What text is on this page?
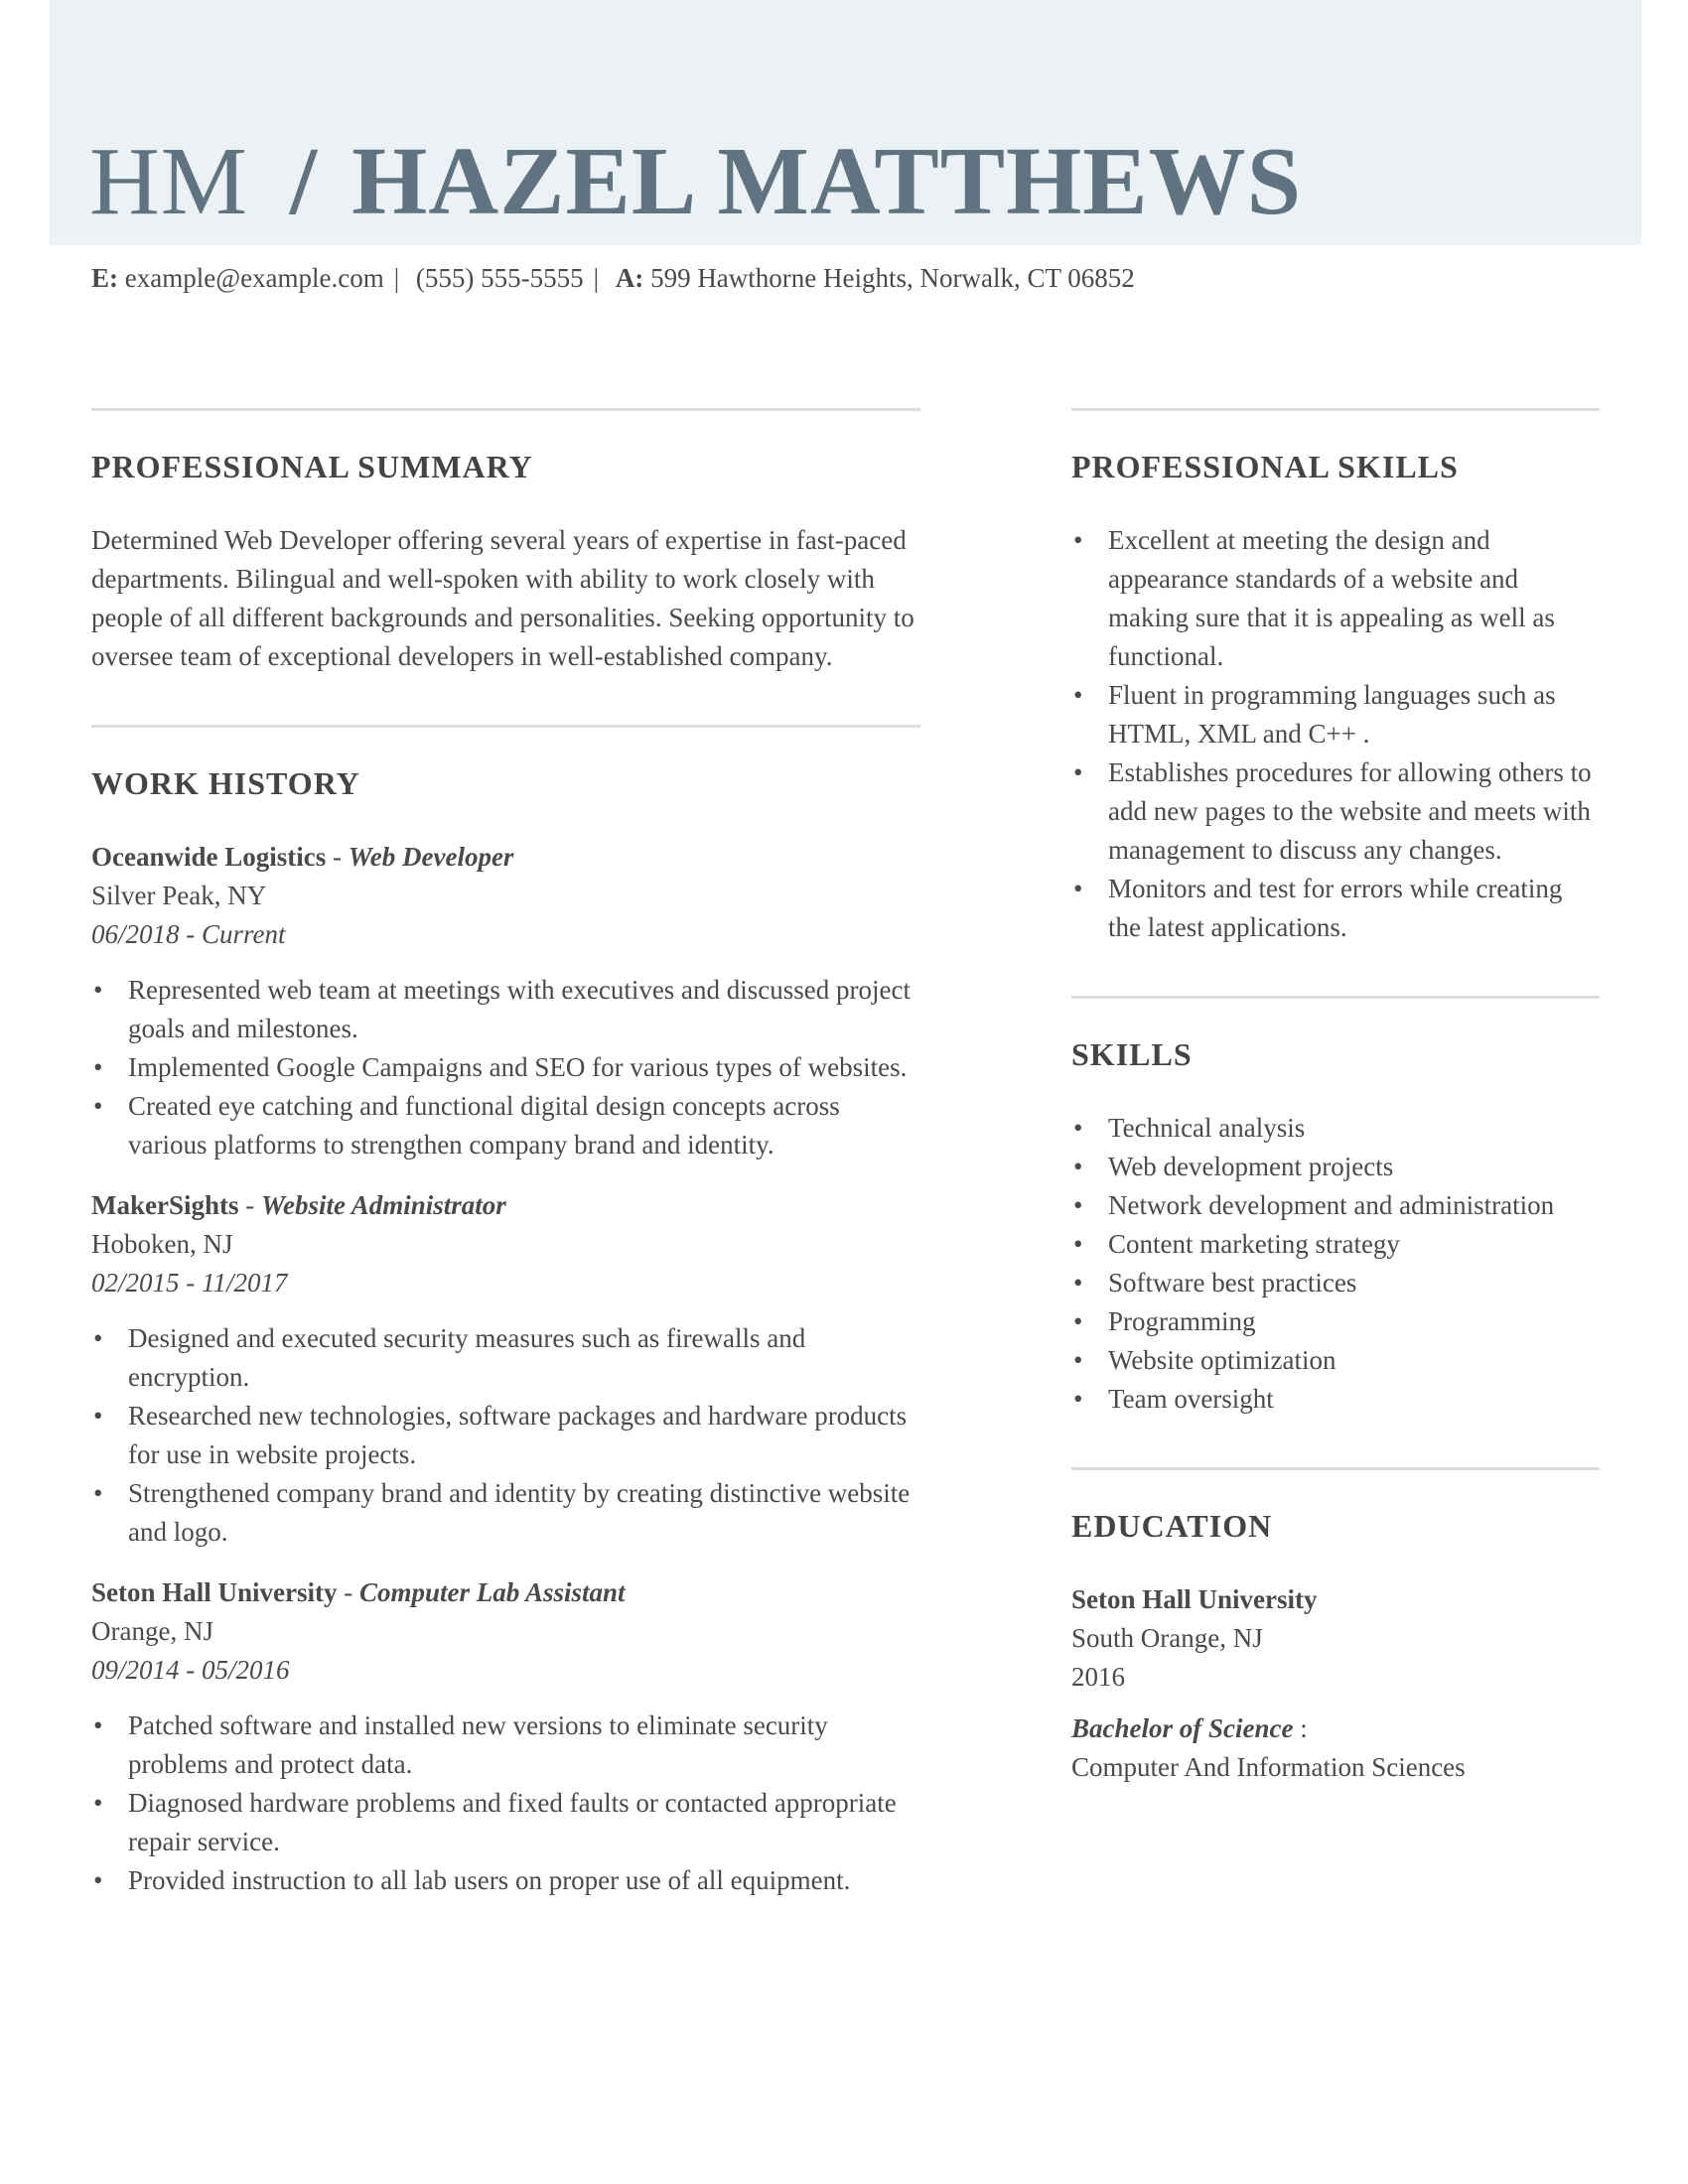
HM / HAZEL MATTHEWS
E: example@example.com | (555) 555-5555 | A: 599 Hawthorne Heights, Norwalk, CT 06852
PROFESSIONAL SUMMARY

Determined Web Developer offering several years of expertise in fast-paced departments. Bilingual and well-spoken with ability to work closely with people of all different backgrounds and personalities. Seeking opportunity to oversee team of exceptional developers in well-established company.

WORK HISTORY
Oceanwide Logistics - Web Developer
Silver Peak, NY
06/2018 - Current
• Represented web team at meetings with executives and discussed project goals and milestones.
• Implemented Google Campaigns and SEO for various types of websites.
• Created eye catching and functional digital design concepts across various platforms to strengthen company brand and identity.
MakerSights - Website Administrator
Hoboken, NJ
02/2015 - 11/2017
• Designed and executed security measures such as firewalls and encryption.
• Researched new technologies, software packages and hardware products for use in website projects.
• Strengthened company brand and identity by creating distinctive website and logo.
Seton Hall University - Computer Lab Assistant
Orange, NJ
09/2014 - 05/2016
• Patched software and installed new versions to eliminate security problems and protect data.
• Diagnosed hardware problems and fixed faults or contacted appropriate repair service.
• Provided instruction to all lab users on proper use of all equipment.
PROFESSIONAL SKILLS
• Excellent at meeting the design and appearance standards of a website and making sure that it is appealing as well as functional.
• Fluent in programming languages such as HTML, XML and C++ .
• Establishes procedures for allowing others to add new pages to the website and meets with management to discuss any changes.
• Monitors and test for errors while creating the latest applications.
SKILLS
• Technical analysis
• Web development projects
• Network development and administration
• Content marketing strategy
• Software best practices
• Programming
• Website optimization
• Team oversight
EDUCATION
Seton Hall University
South Orange, NJ
2016
Bachelor of Science :
Computer And Information Sciences
